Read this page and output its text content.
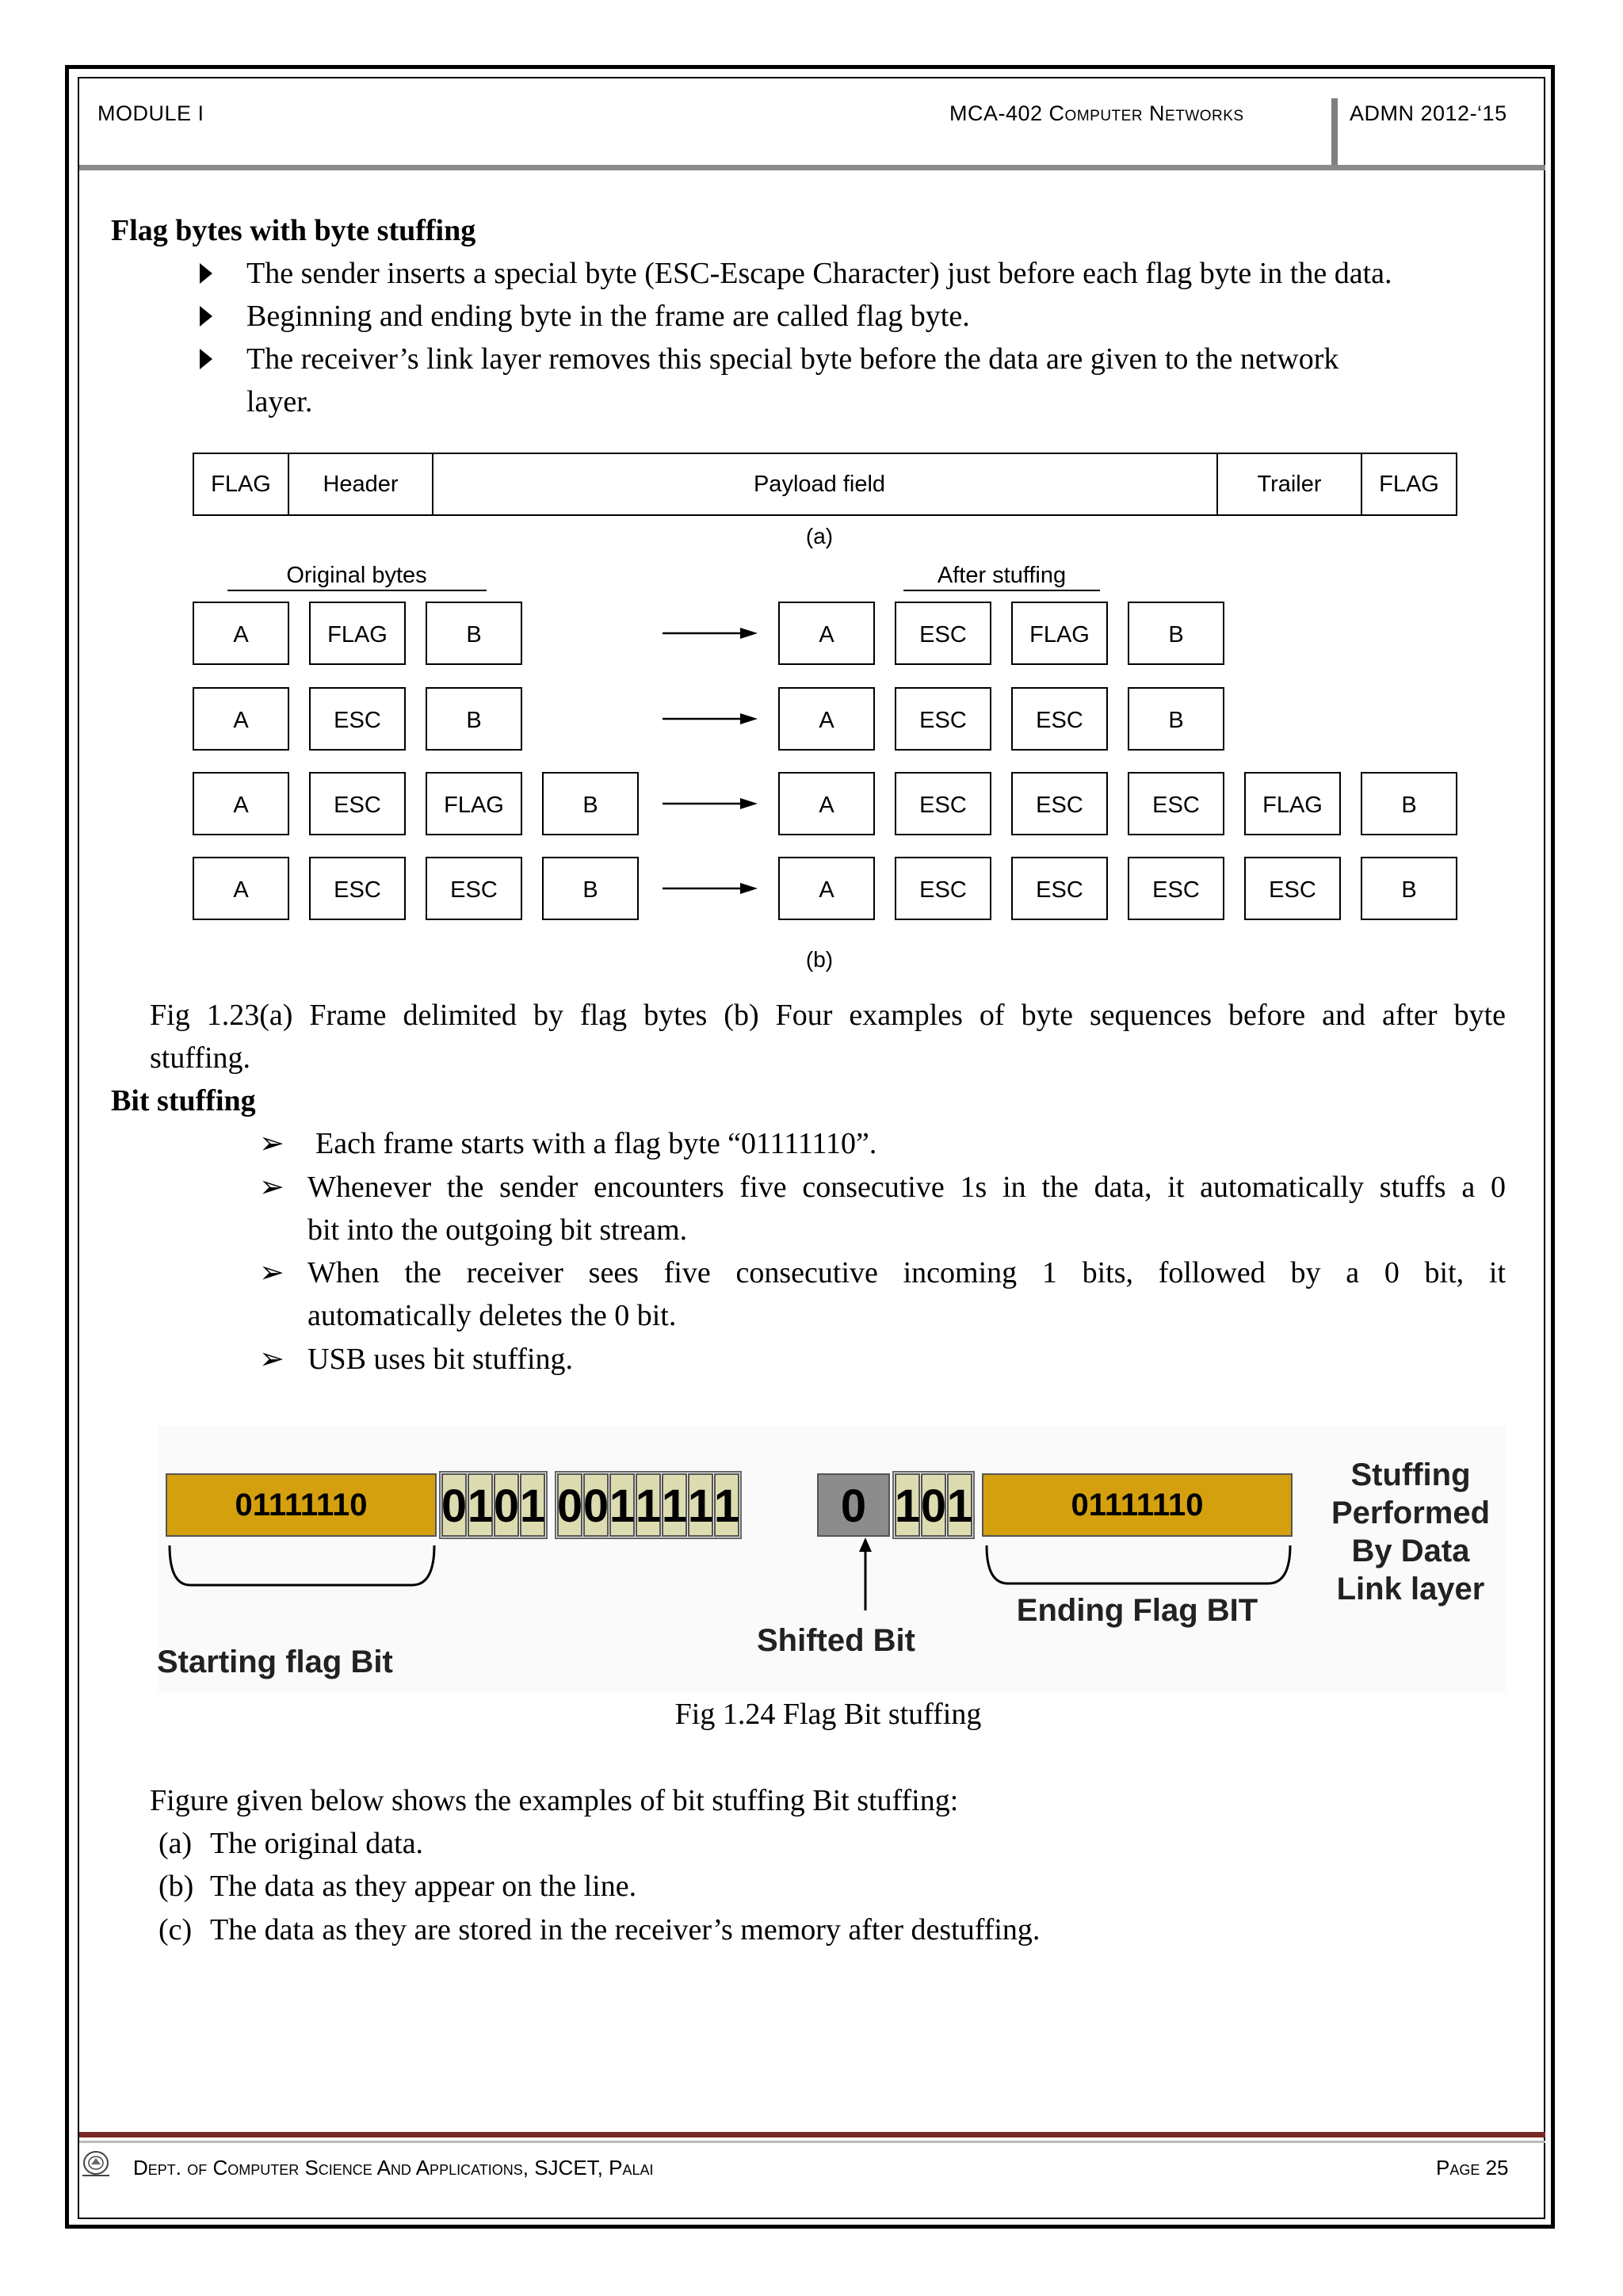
MODULE I	MCA-402 Computer Networks	ADMN 2012-‘15
Flag bytes with byte stuffing
The sender inserts a special byte (ESC-Escape Character) just before each flag byte in the data.
Beginning and ending byte in the frame are called flag byte.
The receiver’s link layer removes this special byte before the data are given to the network
layer.
FLAG Header	Payload field	Trailer	FLAG
(a)
Original bytes	After stuffing
A	FLAG	B	A	ESC	FLAG	B
A	ESC	B	A	ESC	ESC	B
A	ESC	FLAG	B	A	ESC	ESC	ESC	FLAG	B
A	ESC	ESC	B	A	ESC	ESC	ESC	ESC	B
(b)
Fig 1.23(a) Frame delimited by flag bytes (b) Four examples of byte sequences before and after byte
stuffing.
Bit stuffing
➢ Each frame starts with a flag byte “01111110”.
➢ Whenever the sender encounters five consecutive 1s in the data, it automatically stuffs a 0
bit into the outgoing bit stream.
➢ When the receiver sees five consecutive incoming 1 bits, followed by a 0 bit, it
automatically deletes the 0 bit.
➢ USB uses bit stuffing.
01111110 0 1 0 1 0 0 1 1 1 1 1 0 1 0 1	01111110
Starting flag Bit
Shifted Bit
Ending Flag BIT
Stuffing
Performed
By Data
Link layer
Fig 1.24 Flag Bit stuffing
Figure given below shows the examples of bit stuffing Bit stuffing:
(a) The original data.
(b) The data as they appear on the line.
(c) The data as they are stored in the receiver’s memory after destuffing.
Dept. of Computer Science And Applications, SJCET, Palai	Page 25
